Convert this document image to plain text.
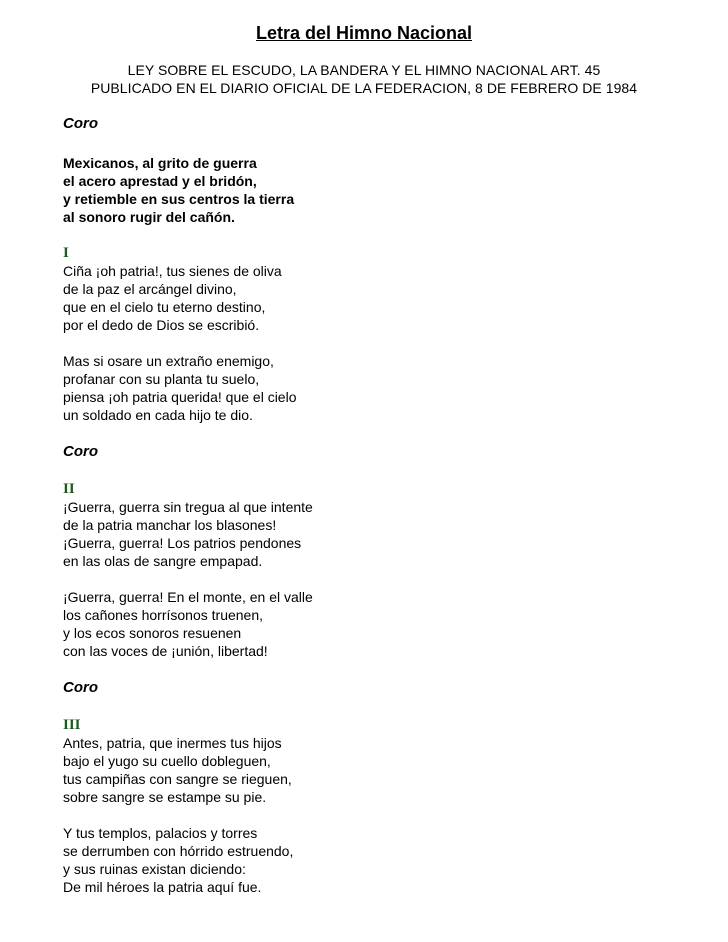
Letra del Himno Nacional
LEY SOBRE EL ESCUDO, LA BANDERA Y EL HIMNO NACIONAL ART. 45
PUBLICADO EN EL DIARIO OFICIAL DE LA FEDERACION, 8 DE FEBRERO DE 1984
Coro
Mexicanos, al grito de guerra
el acero aprestad y el bridón,
y retiemble en sus centros la tierra
al sonoro rugir del cañón.
I
Ciña ¡oh patria!, tus sienes de oliva
de la paz el arcángel divino,
que en el cielo tu eterno destino,
por el dedo de Dios se escribió.
Mas si osare un extraño enemigo,
profanar con su planta tu suelo,
piensa ¡oh patria querida! que el cielo
un soldado en cada hijo te dio.
Coro
II
¡Guerra, guerra sin tregua al que intente
de la patria manchar los blasones!
¡Guerra, guerra! Los patrios pendones
en las olas de sangre empapad.
¡Guerra, guerra! En el monte, en el valle
los cañones horrísonos truenen,
y los ecos sonoros resuenen
con las voces de ¡unión, libertad!
Coro
III
Antes, patria, que inermes tus hijos
bajo el yugo su cuello dobleguen,
tus campiñas con sangre se rieguen,
sobre sangre se estampe su pie.
Y tus templos, palacios y torres
se derrumben con hórrido estruendo,
y sus ruinas existan diciendo:
De mil héroes la patria aquí fue.
